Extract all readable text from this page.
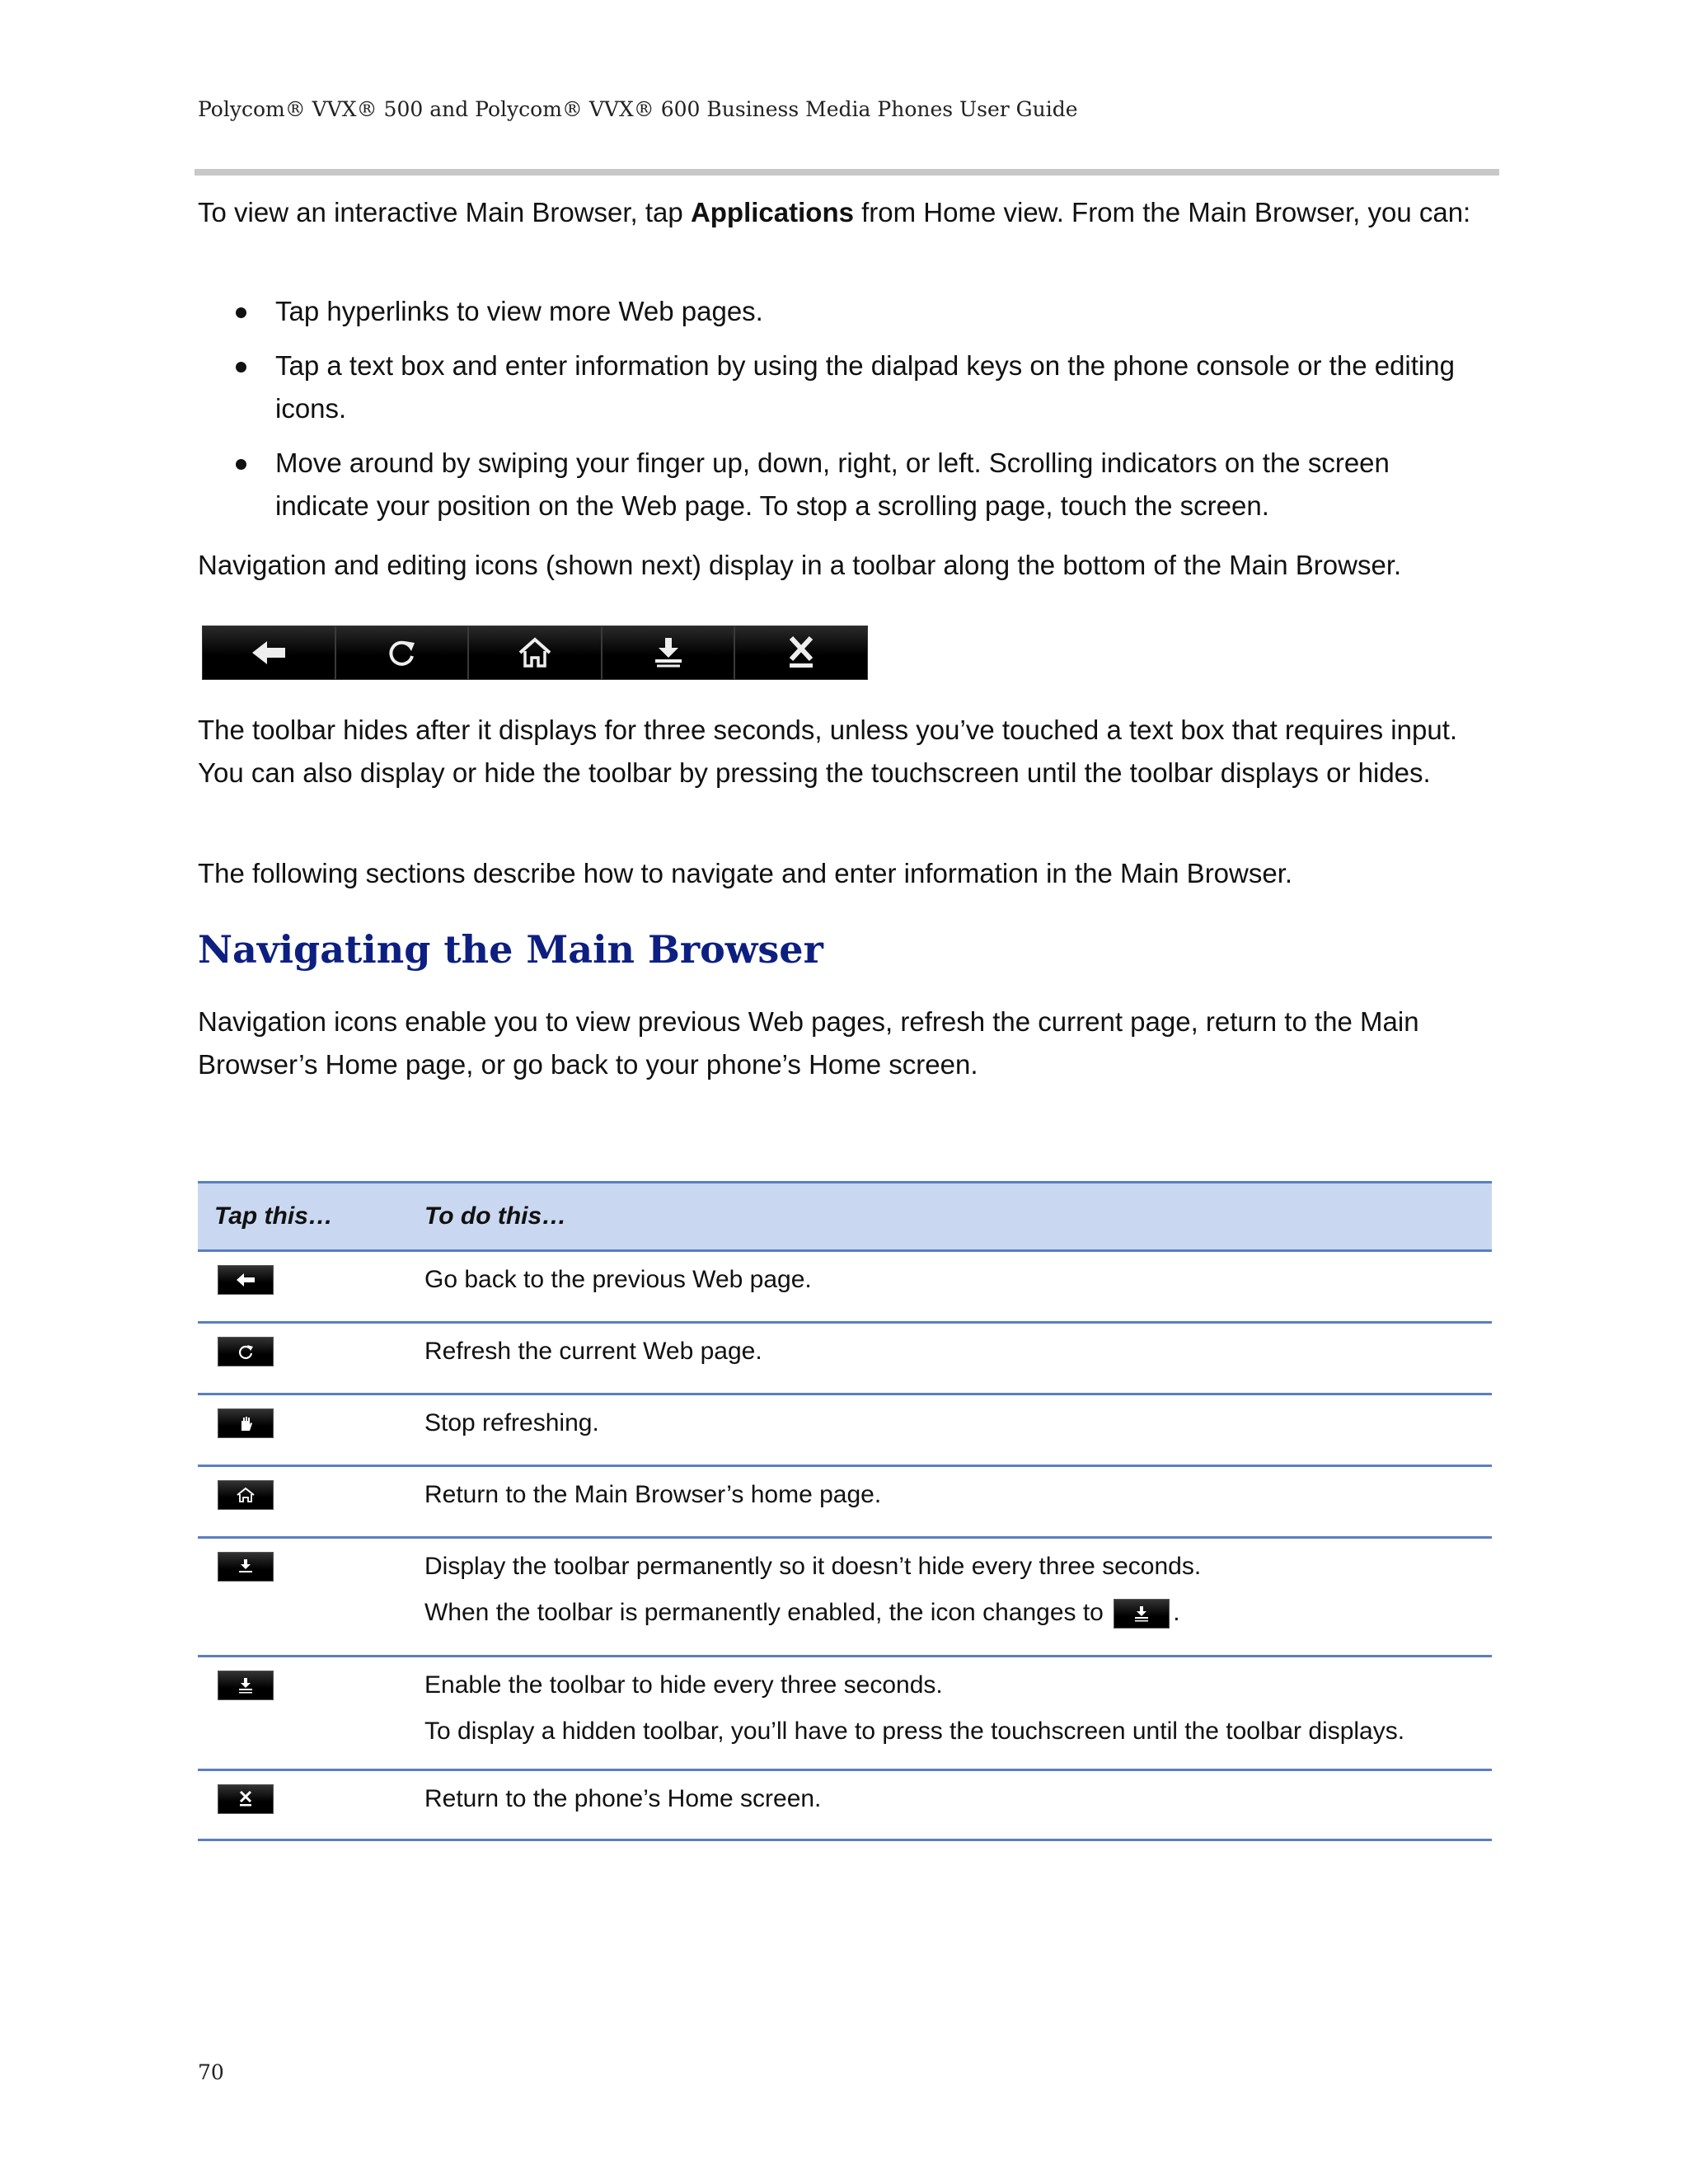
Polycom® VVX® 500 and Polycom® VVX® 600 Business Media Phones User Guide

To view an interactive Main Browser, tap Applications from Home view. From the Main Browser, you can:

Tap hyperlinks to view more Web pages.
Tap a text box and enter information by using the dialpad keys on the phone console or the editing icons.
Move around by swiping your finger up, down, right, or left. Scrolling indicators on the screen indicate your position on the Web page. To stop a scrolling page, touch the screen.

Navigation and editing icons (shown next) display in a toolbar along the bottom of the Main Browser.

The toolbar hides after it displays for three seconds, unless you’ve touched a text box that requires input. You can also display or hide the toolbar by pressing the touchscreen until the toolbar displays or hides.

The following sections describe how to navigate and enter information in the Main Browser.

Navigating the Main Browser

Navigation icons enable you to view previous Web pages, refresh the current page, return to the Main Browser’s Home page, or go back to your phone’s Home screen.

Tap this…	To do this…
Go back to the previous Web page.
Refresh the current Web page.
Stop refreshing.
Return to the Main Browser’s home page.
Display the toolbar permanently so it doesn’t hide every three seconds.
When the toolbar is permanently enabled, the icon changes to	.
Enable the toolbar to hide every three seconds.
To display a hidden toolbar, you’ll have to press the touchscreen until the toolbar displays.
Return to the phone’s Home screen.
70
